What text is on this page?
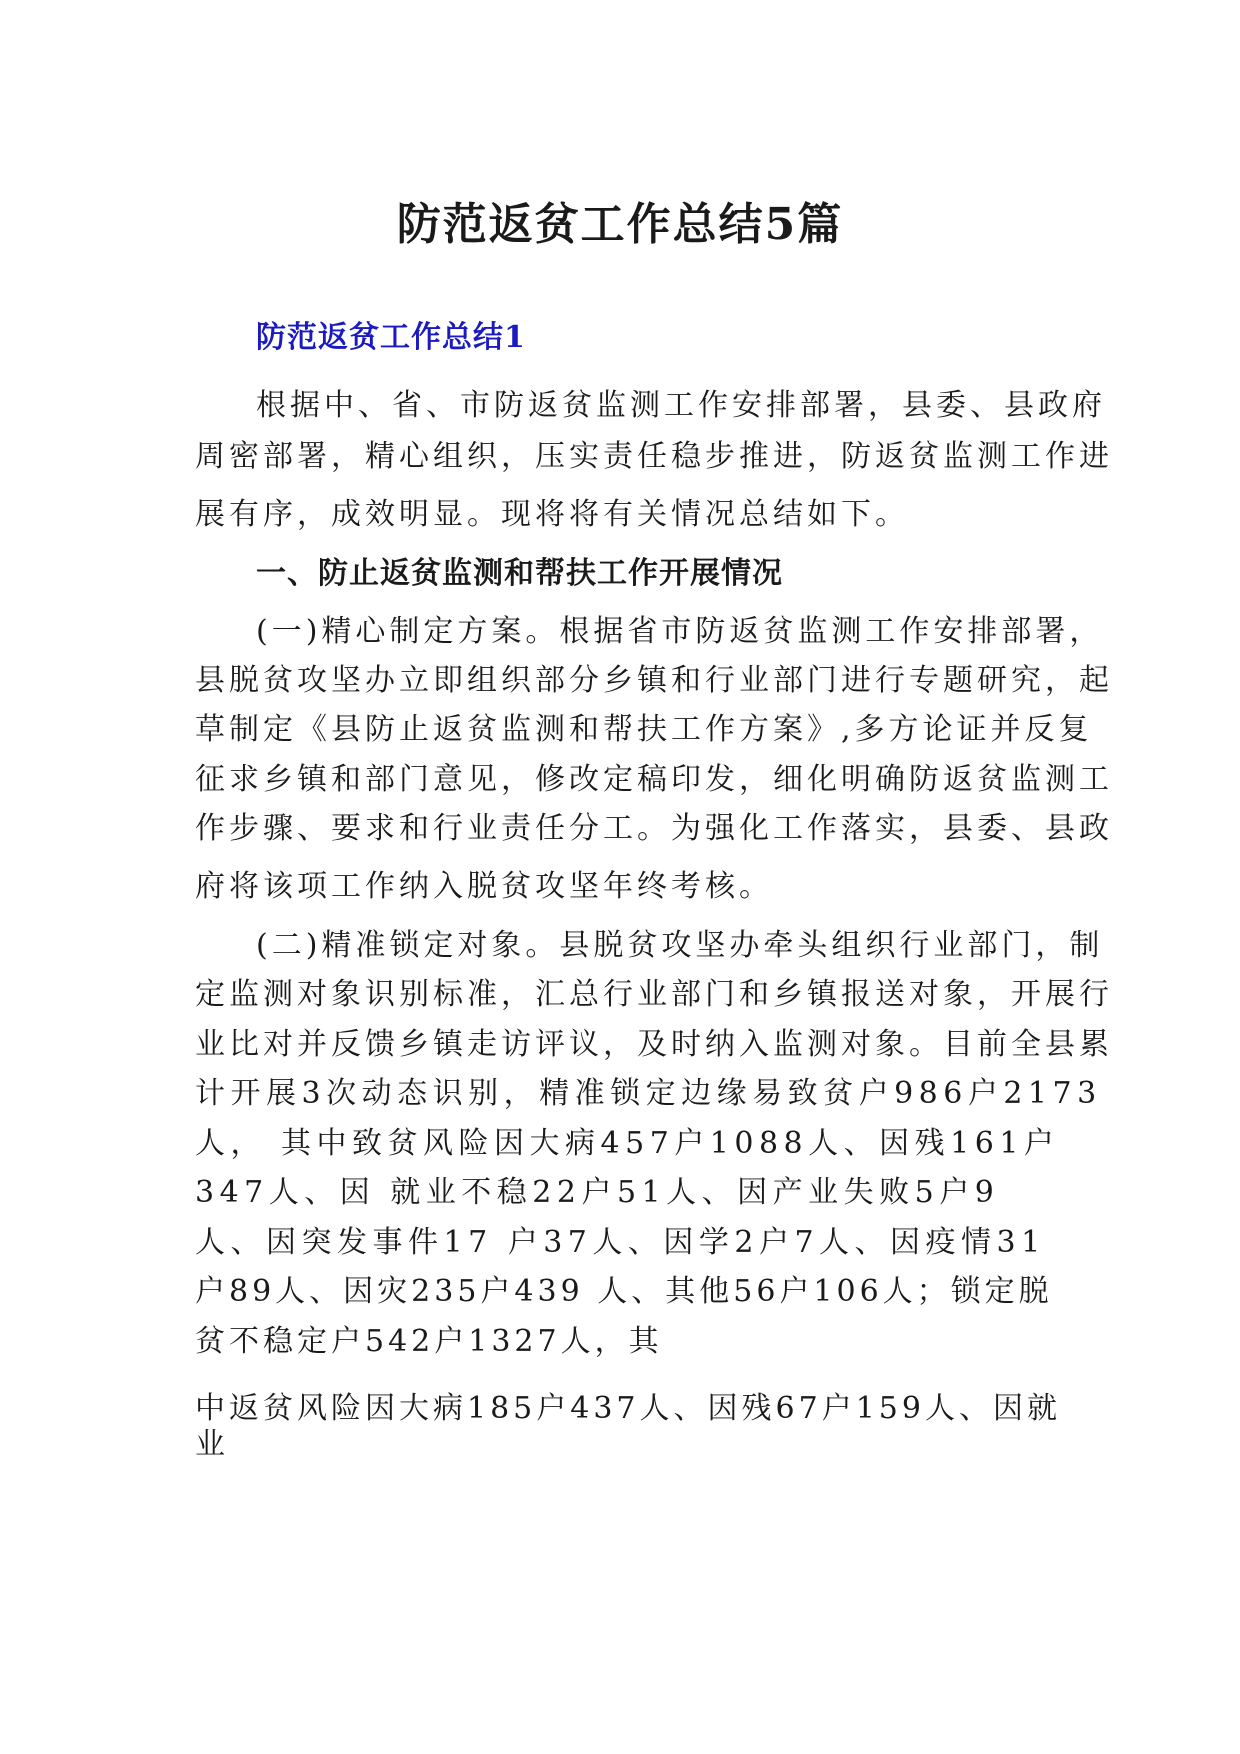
防范返贫工作总结5篇
防范返贫工作总结1
根据中、省、市防返贫监测工作安排部署，县委、县政府
周密部署，精心组织，压实责任稳步推进，防返贫监测工作进
展有序，成效明显。现将将有关情况总结如下。
一、防止返贫监测和帮扶工作开展情况
(一)精心制定方案。根据省市防返贫监测工作安排部署，
县脱贫攻坚办立即组织部分乡镇和行业部门进行专题研究，起
草制定《县防止返贫监测和帮扶工作方案》,多方论证并反复
征求乡镇和部门意见，修改定稿印发，细化明确防返贫监测工
作步骤、要求和行业责任分工。为强化工作落实，县委、县政
府将该项工作纳入脱贫攻坚年终考核。
(二)精准锁定对象。县脱贫攻坚办牵头组织行业部门，制
定监测对象识别标准，汇总行业部门和乡镇报送对象，开展行
业比对并反馈乡镇走访评议，及时纳入监测对象。目前全县累
计开展3次动态识别，精准锁定边缘易致贫户986户2173
人， 其中致贫风险因大病457户1088人、因残161户
347人、因 就业不稳22户51人、因产业失败5户9
人、因突发事件17 户37人、因学2户7人、因疫情31
户89人、因灾235户439 人、其他56户106人；锁定脱
贫不稳定户542户1327人，其
中返贫风险因大病185户437人、因残67户159人、因就
业
